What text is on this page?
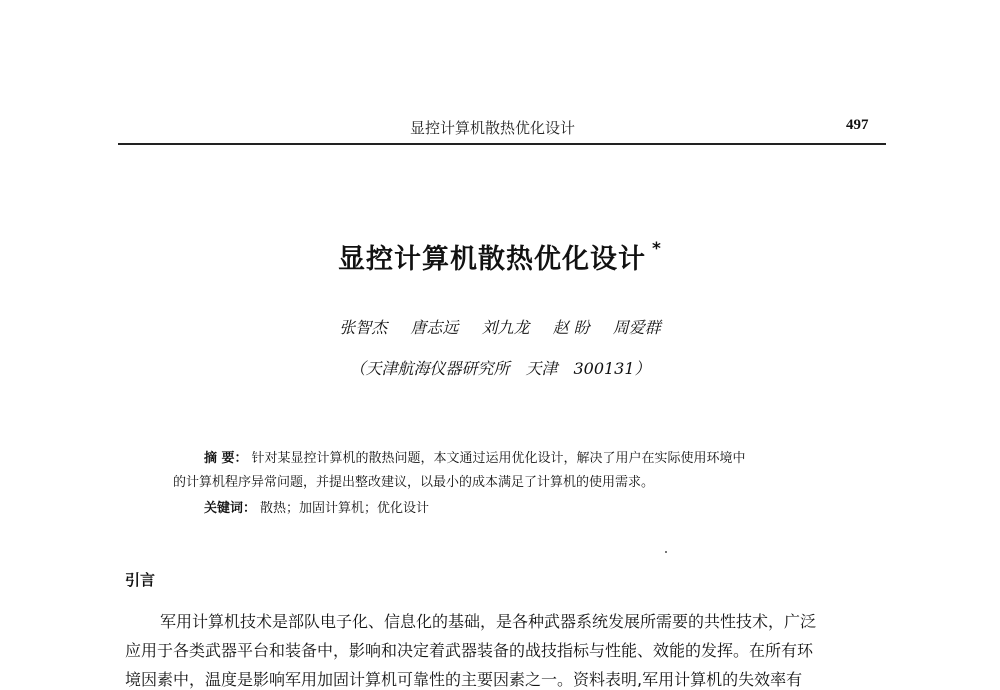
显控计算机散热优化设计	497
显控计算机散热优化设计 *
张智杰 唐志远 刘九龙 赵 盼 周爱群
（天津航海仪器研究所　天津　300131）
摘 要： 针对某显控计算机的散热问题，本文通过运用优化设计，解决了用户在实际使用环境中
的计算机程序异常问题，并提出整改建议，以最小的成本满足了计算机的使用需求。
关键词： 散热；加固计算机；优化设计
引言
军用计算机技术是部队电子化、信息化的基础，是各种武器系统发展所需要的共性技术，广泛
应用于各类武器平台和装备中，影响和决定着武器装备的战技指标与性能、效能的发挥。在所有环
境因素中，温度是影响军用加固计算机可靠性的主要因素之一。资料表明,军用计算机的失效率有
